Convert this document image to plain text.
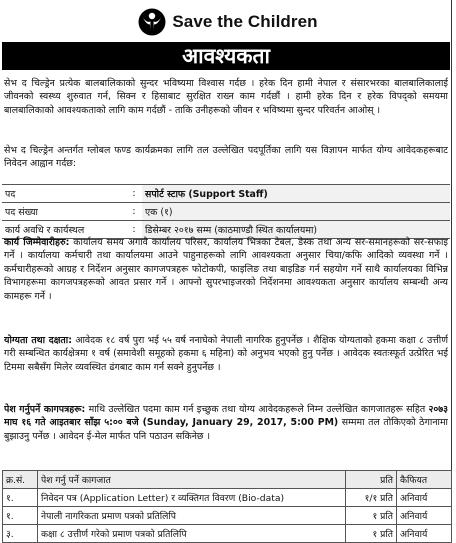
Save the Children
आवश्यकता
सेभ द चिल्ड्रेन प्रत्येक बालबालिकाको सुन्दर भविष्यमा विश्वास गर्दछ । हरेक दिन हामी नेपाल र संसारभरका बालबालिकालाई जीवनको स्वस्थ्य शुरुवात गर्न, सिक्न र हिसाबाट सुरक्षित राख्न काम गर्दछौं । हामी हरेक दिन र हरेक विपद्को समयमा बालबालिकाको आवश्यकताको लागि काम गर्दछौं - ताकि उनीहरूको जीवन र भविष्यमा सुन्दर परिवर्तन आओस् ।
सेभ द चिल्ड्रेन अन्तर्गत ग्लोबल फण्ड कार्यक्रमका लागि तल उल्लेखित पदपूर्तिका लागि यस विज्ञापन मार्फत योग्य आवेदकहरूबाट निवेदन आह्वान गर्दछ:
पद	:	सपोर्ट स्टाफ (Support Staff)
पद संख्या	:	एक (१)
कार्य अवधि र कार्यस्थल	:	डिसेम्बर २०१७ सम्म (काठमाण्डौ स्थित कार्यालयमा)
कार्य जिम्मेवारीहरु: कार्यालय समय अगावै कार्यालय परिसर, कार्यालय भित्रका टेबल, डेस्क तथा अन्य सर-समानहरूको सर-सफाइ गर्ने । कार्यालया कर्मचारी तथा कार्यालयमा आउने पाहुनाहरूको लागि आवश्यकता अनुसार चिया/कफि आदिको व्यवस्था गर्ने । कर्मचारीहरूको आग्रह र निर्देशन अनुसार कागजपत्रहरू फोटोकपी, फाइलिङ तथा बाइडिङ गर्न सहयोग गर्ने साथै कार्यालयका विभिन्न विभागहरूमा कागजपत्रहरूको आवत प्रसार गर्ने । आफ्नो सुपरभाइजरको निर्देशनमा आवश्यकता अनुसार कार्यालय सम्बन्धी अन्य कामहरू गर्ने ।
योग्यता तथा दक्षता: आवेदक १८ वर्ष पुरा भई ५५ वर्ष ननाघेको नेपाली नागरिक हुनुपर्नेछ । शैक्षिक योग्यताको हकमा कक्षा ८ उत्तीर्ण गरी सम्बन्धित कार्यक्षेत्रमा १ वर्ष (समावेशी समूहको हकमा ६ महिना) को अनुभव भएको हुनु पर्नेछ । आवेदक स्वतःस्फूर्त उत्प्रेरित भई टिममा सबैसँग मिलेर व्यवस्थित ढंगबाट काम गर्न सक्ने हुनुपर्नेछ ।
पेश गर्नुपर्ने कागपत्रहरू: माथि उल्लेखित पदमा काम गर्न इच्छुक तथा योग्य आवेदकहरूले निम्न उल्लेखित कागजातहरू सहित २०७३ माघ १६ गते आइतबार साँझ ५:०० बजे (Sunday, January 29, 2017, 5:00 PM) सम्ममा तल तोकिएको ठेगानामा बुझाउनु पर्नेछ । आवेदन ई-मेल मार्फत पनि पठाउन सकिनेछ ।
क्र.सं.	पेश गर्नु पर्ने कागजात	प्रति	कैफियत
१.	निवेदन पत्र (Application Letter) र व्यक्तिगत विवरण (Bio-data)	१/१ प्रति	अनिवार्य
१.	नेपाली नागरिकता प्रमाण पत्रको प्रतिलिपि	१ प्रति	अनिवार्य
३.	कक्षा ८ उत्तीर्ण गरेको प्रमाण पत्रको प्रतिलिपि	१ प्रति	अनिवार्य
